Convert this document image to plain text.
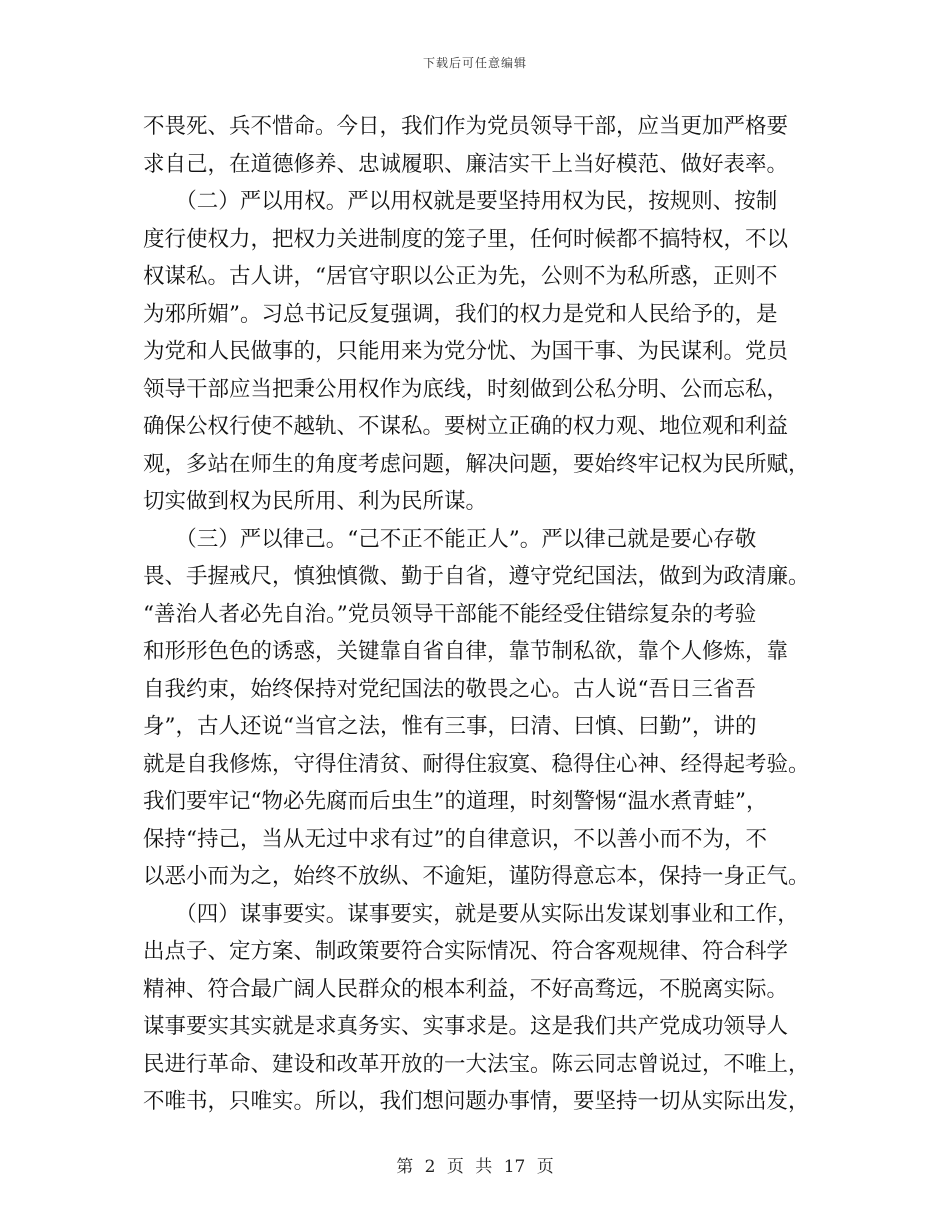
下载后可任意编辑
不畏死、兵不惜命。今日，我们作为党员领导干部，应当更加严格要
求自己，在道德修养、忠诚履职、廉洁实干上当好模范、做好表率。
　　（二）严以用权。严以用权就是要坚持用权为民，按规则、按制
度行使权力，把权力关进制度的笼子里，任何时候都不搞特权，不以
权谋私。古人讲，“居官守职以公正为先，公则不为私所惑，正则不
为邪所媚”。习总书记反复强调，我们的权力是党和人民给予的，是
为党和人民做事的，只能用来为党分忧、为国干事、为民谋利。党员
领导干部应当把秉公用权作为底线，时刻做到公私分明、公而忘私，
确保公权行使不越轨、不谋私。要树立正确的权力观、地位观和利益
观，多站在师生的角度考虑问题，解决问题，要始终牢记权为民所赋，
切实做到权为民所用、利为民所谋。
　　（三）严以律己。“己不正不能正人”。严以律己就是要心存敬
畏、手握戒尺，慎独慎微、勤于自省，遵守党纪国法，做到为政清廉。
“善治人者必先自治。”党员领导干部能不能经受住错综复杂的考验
和形形色色的诱惑，关键靠自省自律，靠节制私欲，靠个人修炼，靠
自我约束，始终保持对党纪国法的敬畏之心。古人说“吾日三省吾
身”，古人还说“当官之法，惟有三事，曰清、曰慎、曰勤”，讲的
就是自我修炼，守得住清贫、耐得住寂寞、稳得住心神、经得起考验。
我们要牢记“物必先腐而后虫生”的道理，时刻警惕“温水煮青蛙”，
保持“持己，当从无过中求有过”的自律意识，不以善小而不为，不
以恶小而为之，始终不放纵、不逾矩，谨防得意忘本，保持一身正气。
　　（四）谋事要实。谋事要实，就是要从实际出发谋划事业和工作，
出点子、定方案、制政策要符合实际情况、符合客观规律、符合科学
精神、符合最广阔人民群众的根本利益，不好高骛远，不脱离实际。
谋事要实其实就是求真务实、实事求是。这是我们共产党成功领导人
民进行革命、建设和改革开放的一大法宝。陈云同志曾说过，不唯上，
不唯书，只唯实。所以，我们想问题办事情，要坚持一切从实际出发，
第 2 页 共 17 页
